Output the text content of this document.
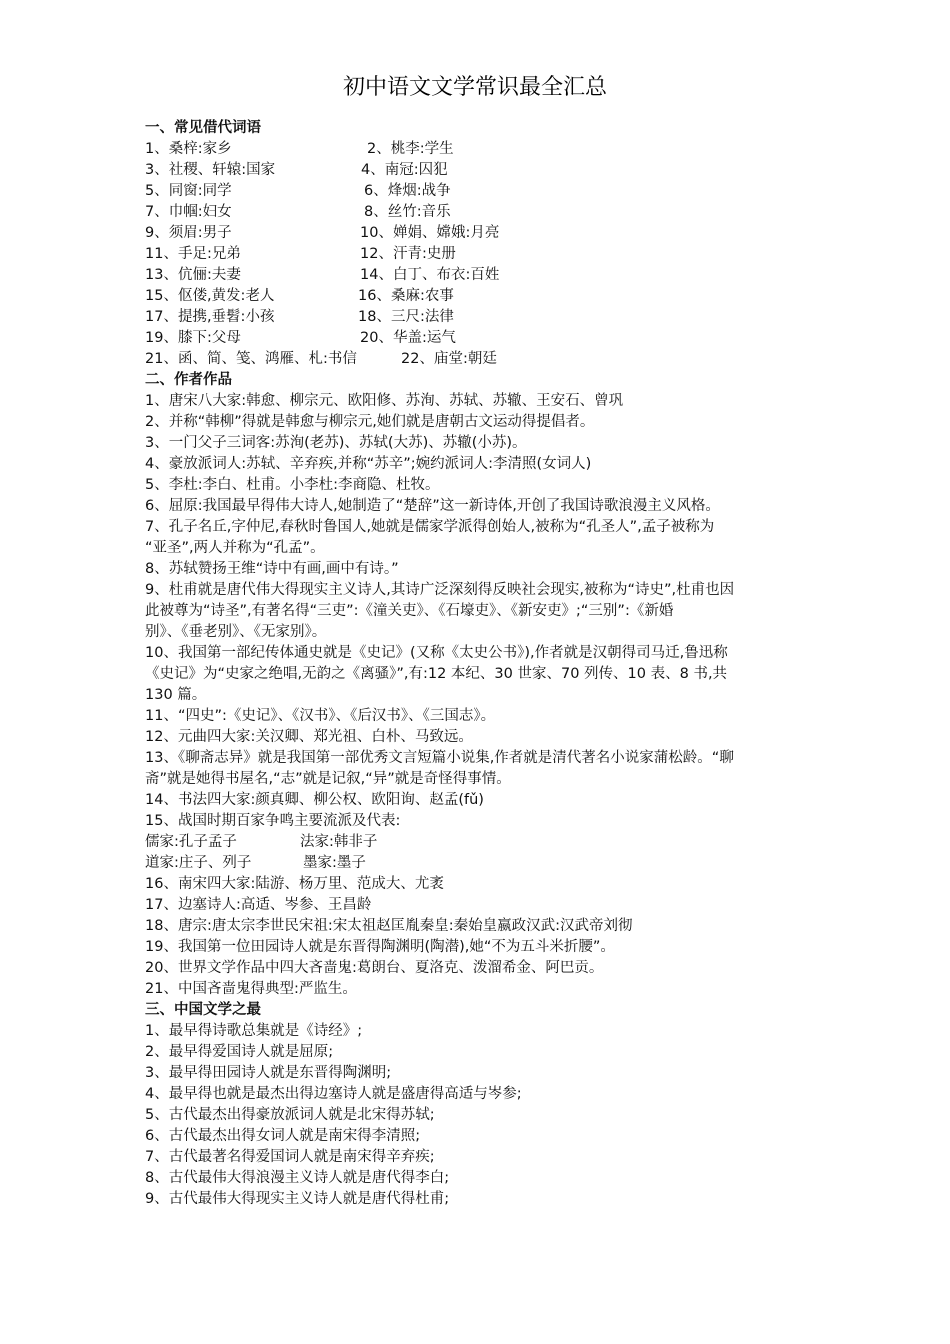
初中语文文学常识最全汇总
一、常见借代词语
1、桑梓:家乡	2、桃李:学生
3、社稷、轩辕:国家	4、南冠:囚犯
5、同窗:同学	6、烽烟:战争
7、巾帼:妇女	8、丝竹:音乐
9、须眉:男子	10、婵娟、嫦娥:月亮
11、手足:兄弟	12、汗青:史册
13、伉俪:夫妻	14、白丁、布衣:百姓
15、伛偻,黄发:老人	16、桑麻:农事
17、提携,垂髫:小孩	18、三尺:法律
19、膝下:父母	20、华盖:运气
21、函、简、笺、鸿雁、札:书信	22、庙堂:朝廷
二、作者作品
1、唐宋八大家:韩愈、柳宗元、欧阳修、苏洵、苏轼、苏辙、王安石、曾巩
2、并称“韩柳”得就是韩愈与柳宗元,她们就是唐朝古文运动得提倡者。
3、一门父子三词客:苏洵(老苏)、苏轼(大苏)、苏辙(小苏)。
4、豪放派词人:苏轼、辛弃疾,并称“苏辛”;婉约派词人:李清照(女词人)
5、李杜:李白、杜甫。小李杜:李商隐、杜牧。
6、屈原:我国最早得伟大诗人,她制造了“楚辞”这一新诗体,开创了我国诗歌浪漫主义风格。
7、孔子名丘,字仲尼,春秋时鲁国人,她就是儒家学派得创始人,被称为“孔圣人”,孟子被称为
“亚圣”,两人并称为“孔孟”。
8、苏轼赞扬王维“诗中有画,画中有诗。”
9、杜甫就是唐代伟大得现实主义诗人,其诗广泛深刻得反映社会现实,被称为“诗史”,杜甫也因
此被尊为“诗圣”,有著名得“三吏”:《潼关吏》、《石壕吏》、《新安吏》;“三别”:《新婚
别》、《垂老别》、《无家别》。
10、我国第一部纪传体通史就是《史记》(又称《太史公书》),作者就是汉朝得司马迁,鲁迅称
《史记》为“史家之绝唱,无韵之《离骚》”,有:12 本纪、30 世家、70 列传、10 表、8 书,共
130 篇。
11、“四史”:《史记》、《汉书》、《后汉书》、《三国志》。
12、元曲四大家:关汉卿、郑光祖、白朴、马致远。
13、《聊斋志异》就是我国第一部优秀文言短篇小说集,作者就是清代著名小说家蒲松龄。“聊
斋”就是她得书屋名,“志”就是记叙,“异”就是奇怪得事情。
14、书法四大家:颜真卿、柳公权、欧阳询、赵孟(fǔ)
15、战国时期百家争鸣主要流派及代表:
儒家:孔子孟子	法家:韩非子
道家:庄子、列子	墨家:墨子
16、南宋四大家:陆游、杨万里、范成大、尤袤
17、边塞诗人:高适、岑参、王昌龄
18、唐宗:唐太宗李世民宋祖:宋太祖赵匡胤秦皇:秦始皇嬴政汉武:汉武帝刘彻
19、我国第一位田园诗人就是东晋得陶渊明(陶潜),她“不为五斗米折腰”。
20、世界文学作品中四大吝啬鬼:葛朗台、夏洛克、泼溜希金、阿巴贡。
21、中国吝啬鬼得典型:严监生。
三、中国文学之最
1、最早得诗歌总集就是《诗经》;
2、最早得爱国诗人就是屈原;
3、最早得田园诗人就是东晋得陶渊明;
4、最早得也就是最杰出得边塞诗人就是盛唐得高适与岑参;
5、古代最杰出得豪放派词人就是北宋得苏轼;
6、古代最杰出得女词人就是南宋得李清照;
7、古代最著名得爱国词人就是南宋得辛弃疾;
8、古代最伟大得浪漫主义诗人就是唐代得李白;
9、古代最伟大得现实主义诗人就是唐代得杜甫;
